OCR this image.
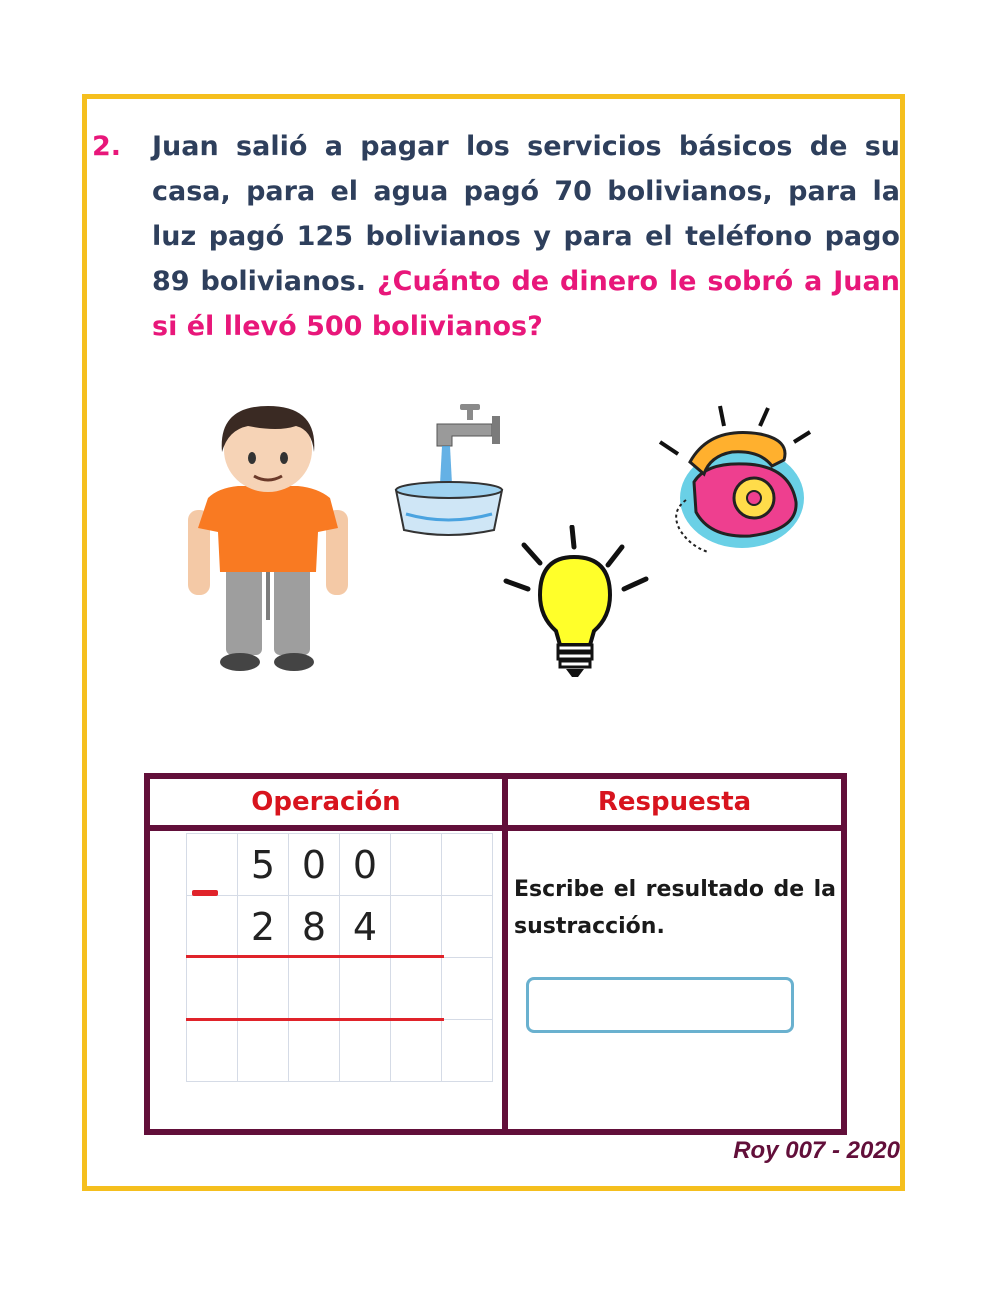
2. Juan salió a pagar los servicios básicos de su casa, para el agua pagó 70 bolivianos, para la luz pagó 125 bolivianos y para el teléfono pago 89 bolivianos. ¿Cuánto de dinero le sobró a Juan si él llevó 500 bolivianos?
Operación	Respuesta

	5	0	0		
	2	8	4		

Escribe el resultado de la sustracción.
Roy 007 - 2020
